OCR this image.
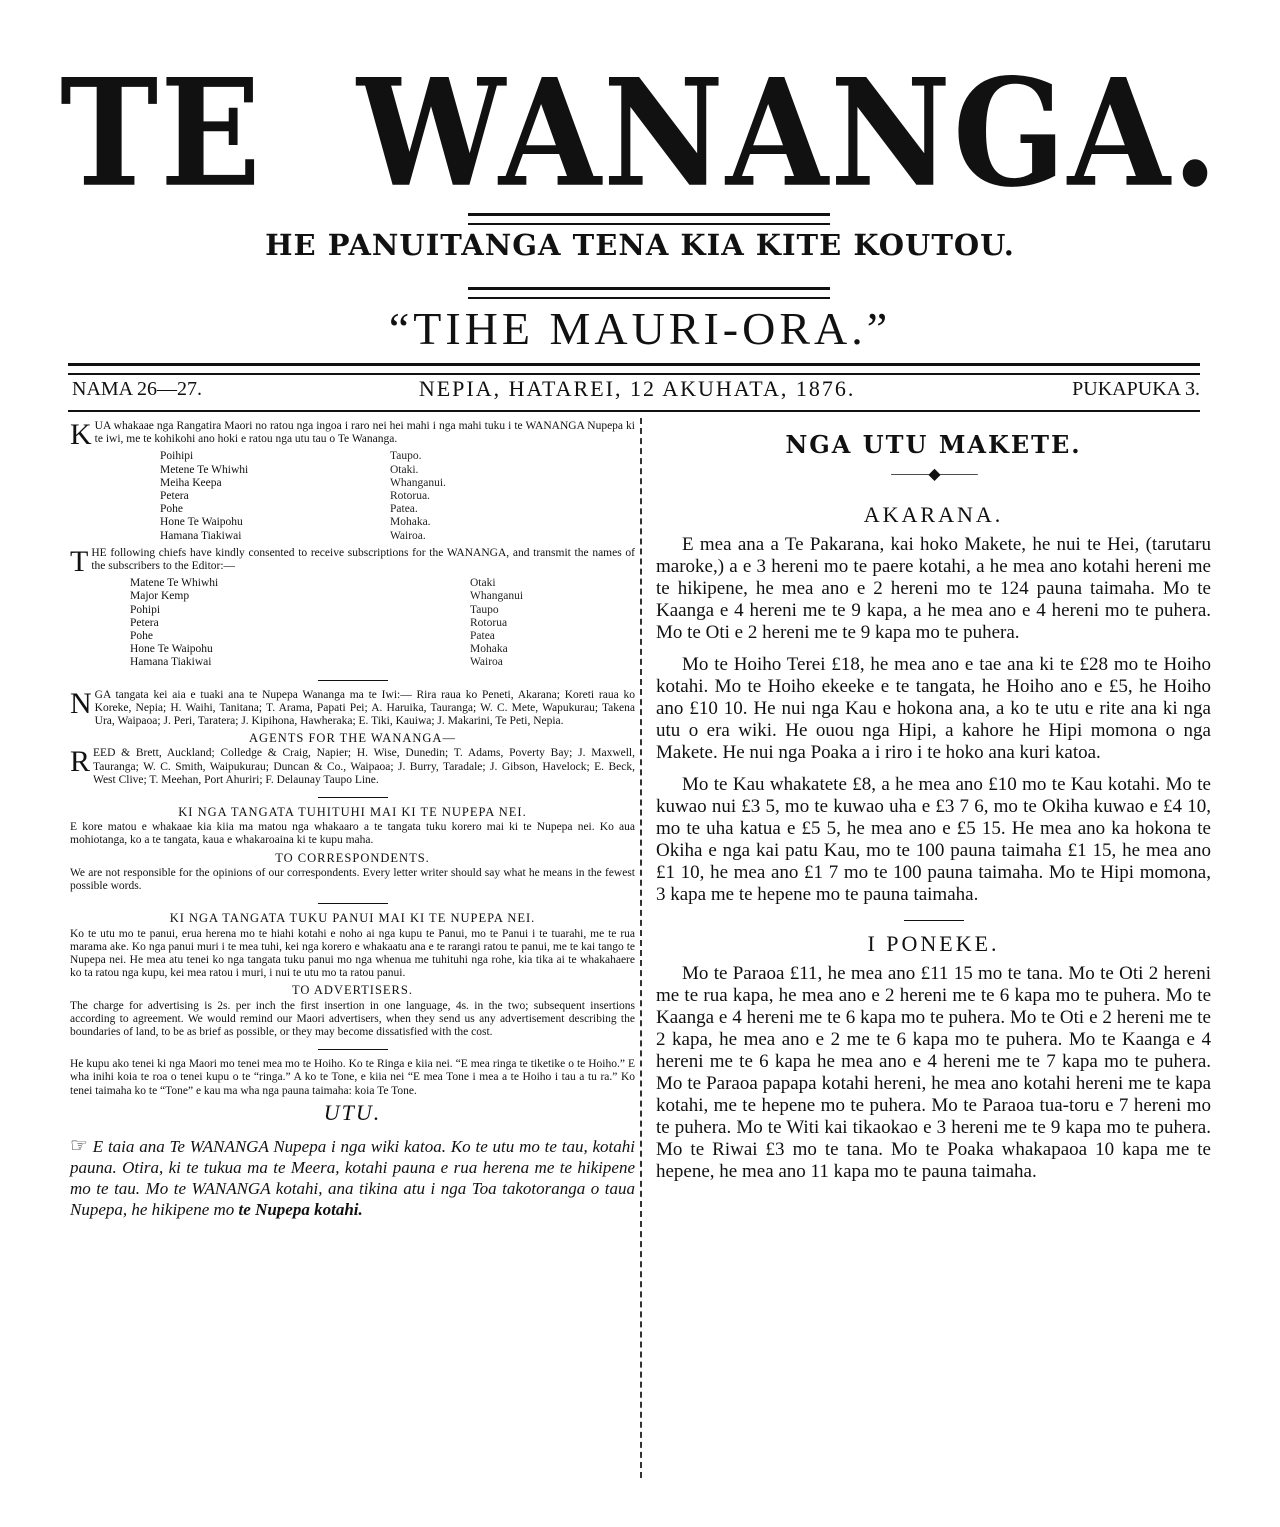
TE WANANGA.
HE PANUITANGA TENA KIA KITE KOUTOU.
“TIHE MAURI-ORA.”
NAMA 26—27.	NEPIA, HATAREI, 12 AKUHATA, 1876.	PUKAPUKA 3.

KUA whakaae nga Rangatira Maori no ratou nga ingoa i raro nei hei mahi i nga mahi tuku i te WANANGA Nupepa ki te iwi, me te kohikohi ano hoki e ratou nga utu tau o Te Wananga.

Poihipi	Taupo.
Metene Te Whiwhi	Otaki.
Meiha Keepa	Whanganui.
Petera	Rotorua.
Pohe	Patea.
Hone Te Waipohu	Mohaka.
Hamana Tiakiwai	Wairoa.

THE following chiefs have kindly consented to receive subscriptions for the WANANGA, and transmit the names of the subscribers to the Editor:—

Matene Te Whiwhi	Otaki
Major Kemp	Whanganui
Pohipi	Taupo
Petera	Rotorua
Pohe	Patea
Hone Te Waipohu	Mohaka
Hamana Tiakiwai	Wairoa

NGA tangata kei aia e tuaki ana te Nupepa Wananga ma te Iwi:— Rira raua ko Peneti, Akarana; Koreti raua ko Koreke, Nepia; H. Waihi, Tanitana; T. Arama, Papati Pei; A. Haruika, Tauranga; W. C. Mete, Wapukurau; Takena Ura, Waipaoa; J. Peri, Taratera; J. Kipihona, Hawheraka; E. Tiki, Kauiwa; J. Makarini, Te Peti, Nepia.

AGENTS FOR THE WANANGA—

REED & Brett, Auckland; Colledge & Craig, Napier; H. Wise, Dunedin; T. Adams, Poverty Bay; J. Maxwell, Tauranga; W. C. Smith, Waipukurau; Duncan & Co., Waipaoa; J. Burry, Taradale; J. Gibson, Havelock; E. Beck, West Clive; T. Meehan, Port Ahuriri; F. Delaunay Taupo Line.

KI NGA TANGATA TUHITUHI MAI KI TE NUPEPA NEI.

E kore matou e whakaae kia kiia ma matou nga whakaaro a te tangata tuku korero mai ki te Nupepa nei. Ko aua mohiotanga, ko a te tangata, kaua e whakaroaina ki te kupu maha.

TO CORRESPONDENTS.

We are not responsible for the opinions of our correspondents. Every letter writer should say what he means in the fewest possible words.

KI NGA TANGATA TUKU PANUI MAI KI TE NUPEPA NEI.

Ko te utu mo te panui, erua herena mo te hiahi kotahi e noho ai nga kupu te Panui, mo te Panui i te tuarahi, me te rua marama ake. Ko nga panui muri i te mea tuhi, kei nga korero e whakaatu ana e te rarangi ratou te panui, me te kai tango te Nupepa nei. He mea atu tenei ko nga tangata tuku panui mo nga whenua me tuhituhi nga rohe, kia tika ai te whakahaere ko ta ratou nga kupu, kei mea ratou i muri, i nui te utu mo ta ratou panui.

TO ADVERTISERS.

The charge for advertising is 2s. per inch the first insertion in one language, 4s. in the two; subsequent insertions according to agreement. We would remind our Maori advertisers, when they send us any advertisement describing the boundaries of land, to be as brief as possible, or they may become dissatisfied with the cost.

He kupu ako tenei ki nga Maori mo tenei mea mo te Hoiho. Ko te Ringa e kiia nei. “E mea ringa te tiketike o te Hoiho.” E wha inihi koia te roa o tenei kupu o te “ringa.” A ko te Tone, e kiia nei “E mea Tone i mea a te Hoiho i tau a tu ra.” Ko tenei taimaha ko te “Tone” e kau ma wha nga pauna taimaha: koia Te Tone.

UTU.

☞ E taia ana Te WANANGA Nupepa i nga wiki katoa. Ko te utu mo te tau, kotahi pauna. Otira, ki te tukua ma te Meera, kotahi pauna e rua herena me te hikipene mo te tau. Mo te WANANGA kotahi, ana tikina atu i nga Toa takotoranga o taua Nupepa, he hikipene mo te Nupepa kotahi.

NGA UTU MAKETE.
⸻◆⸻
AKARANA.

E mea ana a Te Pakarana, kai hoko Makete, he nui te Hei, (tarutaru maroke,) a e 3 hereni mo te paere kotahi, a he mea ano kotahi hereni me te hikipene, he mea ano e 2 hereni mo te 124 pauna taimaha. Mo te Kaanga e 4 hereni me te 9 kapa, a he mea ano e 4 hereni mo te puhera. Mo te Oti e 2 hereni me te 9 kapa mo te puhera.

Mo te Hoiho Terei £18, he mea ano e tae ana ki te £28 mo te Hoiho kotahi. Mo te Hoiho ekeeke e te tangata, he Hoiho ano e £5, he Hoiho ano £10 10. He nui nga Kau e hokona ana, a ko te utu e rite ana ki nga utu o era wiki. He ouou nga Hipi, a kahore he Hipi momona o nga Makete. He nui nga Poaka a i riro i te hoko ana kuri katoa.

Mo te Kau whakatete £8, a he mea ano £10 mo te Kau kotahi. Mo te kuwao nui £3 5, mo te kuwao uha e £3 7 6, mo te Okiha kuwao e £4 10, mo te uha katua e £5 5, he mea ano e £5 15. He mea ano ka hokona te Okiha e nga kai patu Kau, mo te 100 pauna taimaha £1 15, he mea ano £1 10, he mea ano £1 7 mo te 100 pauna taimaha. Mo te Hipi momona, 3 kapa me te hepene mo te pauna taimaha.

I PONEKE.

Mo te Paraoa £11, he mea ano £11 15 mo te tana. Mo te Oti 2 hereni me te rua kapa, he mea ano e 2 hereni me te 6 kapa mo te puhera. Mo te Kaanga e 4 hereni me te 6 kapa mo te puhera. Mo te Oti e 2 hereni me te 2 kapa, he mea ano e 2 me te 6 kapa mo te puhera. Mo te Kaanga e 4 hereni me te 6 kapa he mea ano e 4 hereni me te 7 kapa mo te puhera. Mo te Paraoa papapa kotahi hereni, he mea ano kotahi hereni me te kapa kotahi, me te hepene mo te puhera. Mo te Paraoa tua-toru e 7 hereni mo te puhera. Mo te Witi kai tikaokao e 3 hereni me te 9 kapa mo te puhera. Mo te Riwai £3 mo te tana. Mo te Poaka whakapaoa 10 kapa me te hepene, he mea ano 11 kapa mo te pauna taimaha.
